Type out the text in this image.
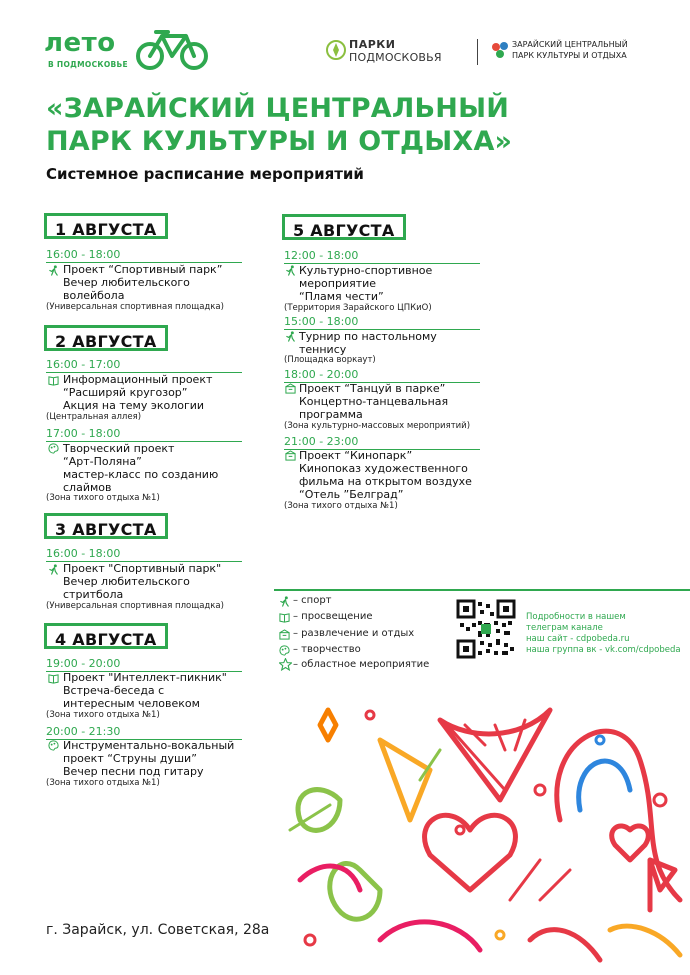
лето
В ПОДМОСКОВЬЕ
ПАРКИ
ПОДМОСКОВЬЯ
ЗАРАЙСКИЙ ЦЕНТРАЛЬНЫЙ
ПАРК КУЛЬТУРЫ И ОТДЫХА
«ЗАРАЙСКИЙ ЦЕНТРАЛЬНЫЙ
ПАРК КУЛЬТУРЫ И ОТДЫХА»
Системное расписание мероприятий
1 АВГУСТА
16:00 - 18:00
Проект “Спортивный парк”
Вечер любительского
волейбола
(Универсальная спортивная площадка)
2 АВГУСТА
16:00 - 17:00
Информационный проект
“Расширяй кругозор”
Акция на тему экологии
(Центральная аллея)
17:00 - 18:00
Творческий проект
“Арт-Поляна”
мастер-класс по созданию
слаймов
(Зона тихого отдыха №1)
3 АВГУСТА
16:00 - 18:00
Проект "Спортивный парк"
Вечер любительского
стритбола
(Универсальная спортивная площадка)
4 АВГУСТА
19:00 - 20:00
Проект "Интеллект-пикник"
Встреча-беседа с
интересным человеком
(Зона тихого отдыха №1)
20:00 - 21:30
Инструментально-вокальный
проект “Струны души”
Вечер песни под гитару
(Зона тихого отдыха №1)
5 АВГУСТА
12:00 - 18:00
Культурно-спортивное
мероприятие
“Пламя чести”
(Территория Зарайского ЦПКиО)
15:00 - 18:00
Турнир по настольному
теннису
(Площадка воркаут)
18:00 - 20:00
Проект “Танцуй в парке”
Концертно-танцевальная
программа
(Зона культурно-массовых мероприятий)
21:00 - 23:00
Проект “Кинопарк”
Кинопоказ художественного
фильма на открытом воздухе
“Отель ”Белград”
(Зона тихого отдыха №1)
– спорт
– просвещение
– развлечение и отдых
– творчество
– областное мероприятие
Подробности в нашем
телеграм канале
наш сайт - cdpobeda.ru
наша группа вк - vk.com/cdpobeda
г. Зарайск, ул. Советская, 28а
